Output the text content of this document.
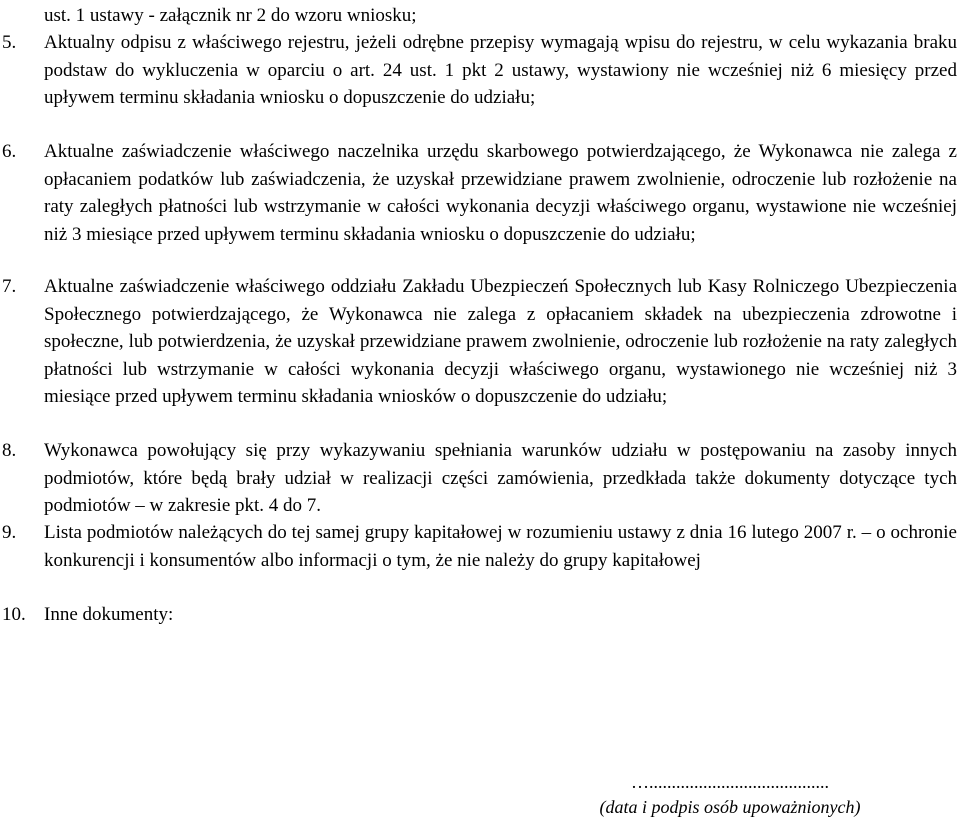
ust. 1 ustawy - załącznik nr 2 do wzoru wniosku;
5. Aktualny odpisu z właściwego rejestru, jeżeli odrębne przepisy wymagają wpisu do rejestru, w celu wykazania braku podstaw do wykluczenia w oparciu o art. 24 ust. 1 pkt 2 ustawy, wystawiony nie wcześniej niż 6 miesięcy przed upływem terminu składania wniosku o dopuszczenie do udziału;
6. Aktualne zaświadczenie właściwego naczelnika urzędu skarbowego potwierdzającego, że Wykonawca nie zalega z opłacaniem podatków lub zaświadczenia, że uzyskał przewidziane prawem zwolnienie, odroczenie lub rozłożenie na raty zaległych płatności lub wstrzymanie w całości wykonania decyzji właściwego organu, wystawione nie wcześniej niż 3 miesiące przed upływem terminu składania wniosku o dopuszczenie do udziału;
7. Aktualne zaświadczenie właściwego oddziału Zakładu Ubezpieczeń Społecznych lub Kasy Rolniczego Ubezpieczenia Społecznego potwierdzającego, że Wykonawca nie zalega z opłacaniem składek na ubezpieczenia zdrowotne i społeczne, lub potwierdzenia, że uzyskał przewidziane prawem zwolnienie, odroczenie lub rozłożenie na raty zaległych płatności lub wstrzymanie w całości wykonania decyzji właściwego organu, wystawionego nie wcześniej niż 3 miesiące przed upływem terminu składania wniosków o dopuszczenie do udziału;
8. Wykonawca powołujący się przy wykazywaniu spełniania warunków udziału w postępowaniu na zasoby innych podmiotów, które będą brały udział w realizacji części zamówienia, przedkłada także dokumenty dotyczące tych podmiotów – w zakresie pkt. 4 do 7.
9. Lista podmiotów należących do tej samej grupy kapitałowej w rozumieniu ustawy z dnia 16 lutego 2007 r. – o ochronie konkurencji i konsumentów albo informacji o tym, że nie należy do grupy kapitałowej
10. Inne dokumenty:
…........................................
(data i podpis osób upoważnionych)
